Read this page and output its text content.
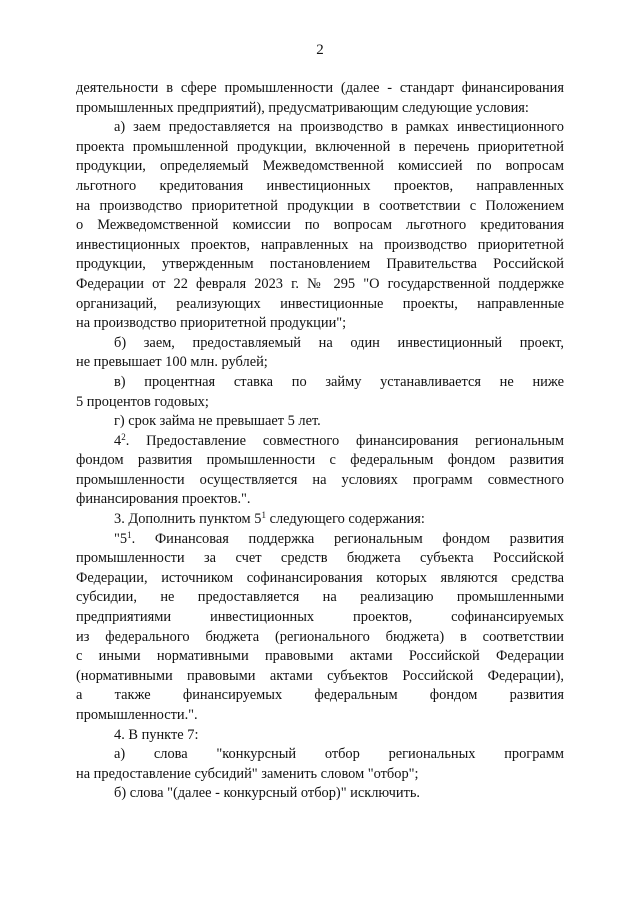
2
деятельности в сфере промышленности (далее - стандарт финансирования
промышленных предприятий), предусматривающим следующие условия:
а) заем предоставляется на производство в рамках инвестиционного
проекта промышленной продукции, включенной в перечень приоритетной
продукции, определяемый Межведомственной комиссией по вопросам
льготного кредитования инвестиционных проектов, направленных
на производство приоритетной продукции в соответствии с Положением
о Межведомственной комиссии по вопросам льготного кредитования
инвестиционных проектов, направленных на производство приоритетной
продукции, утвержденным постановлением Правительства Российской
Федерации от 22 февраля 2023 г. № 295 "О государственной поддержке
организаций, реализующих инвестиционные проекты, направленные
на производство приоритетной продукции";
б) заем, предоставляемый на один инвестиционный проект,
не превышает 100 млн. рублей;
в) процентная ставка по займу устанавливается не ниже
5 процентов годовых;
г) срок займа не превышает 5 лет.
$4^2$. Предоставление совместного финансирования региональным
фондом развития промышленности с федеральным фондом развития
промышленности осуществляется на условиях программ совместного
финансирования проектов.".
3. Дополнить пунктом $5^1$ следующего содержания:
"$5^1$. Финансовая поддержка региональным фондом развития
промышленности за счет средств бюджета субъекта Российской
Федерации, источником софинансирования которых являются средства
субсидии, не предоставляется на реализацию промышленными
предприятиями инвестиционных проектов, софинансируемых
из федерального бюджета (регионального бюджета) в соответствии
с иными нормативными правовыми актами Российской Федерации
(нормативными правовыми актами субъектов Российской Федерации),
а также финансируемых федеральным фондом развития
промышленности.".
4. В пункте 7:
а) слова "конкурсный отбор региональных программ
на предоставление субсидий" заменить словом "отбор";
б) слова "(далее - конкурсный отбор)" исключить.
